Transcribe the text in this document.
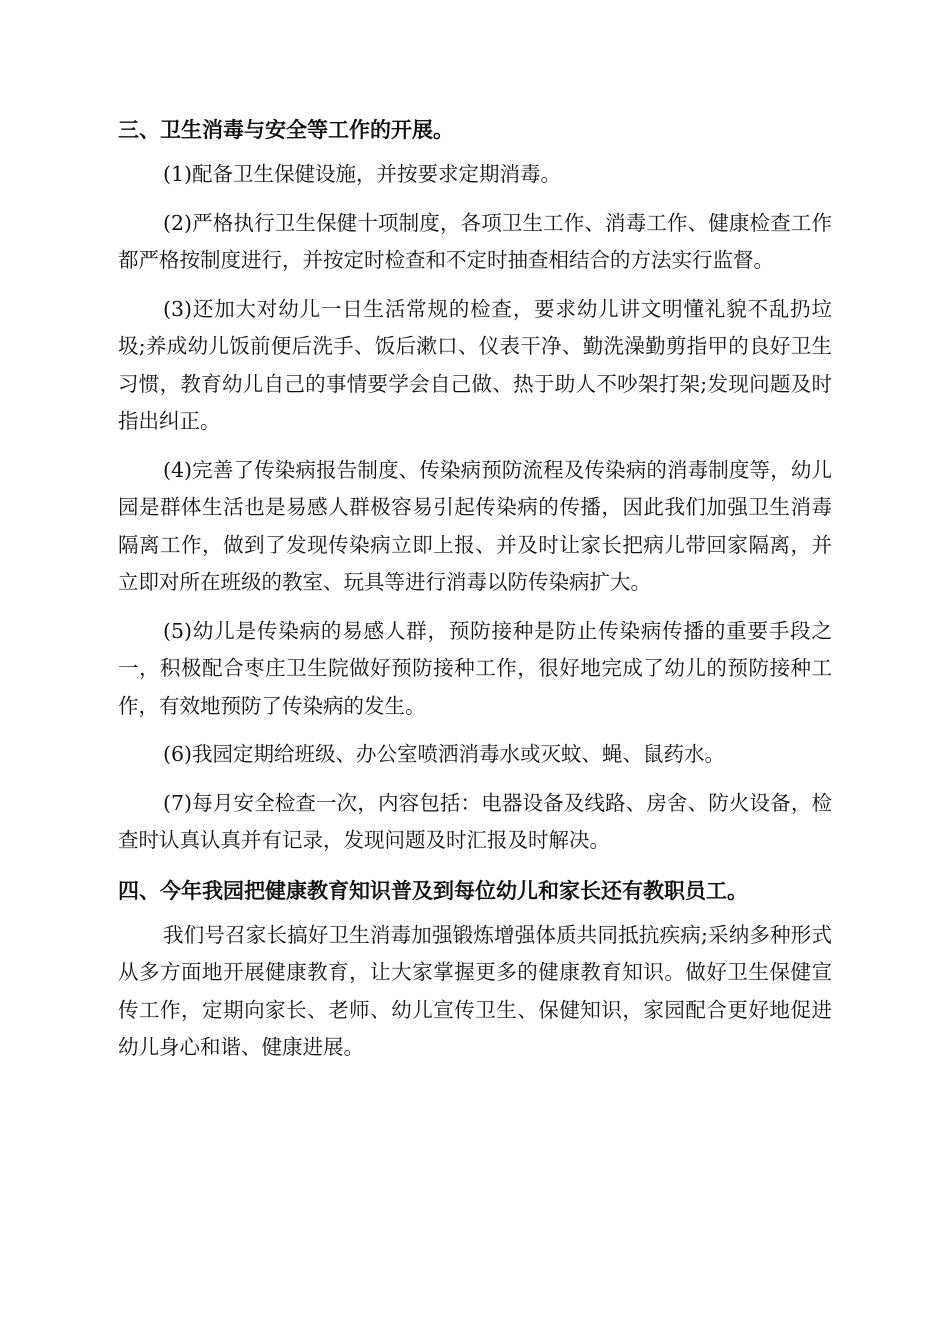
三、卫生消毒与安全等工作的开展。

(1)配备卫生保健设施，并按要求定期消毒。

(2)严格执行卫生保健十项制度，各项卫生工作、消毒工作、健康检查工作都严格按制度进行，并按定时检查和不定时抽查相结合的方法实行监督。

(3)还加大对幼儿一日生活常规的检查，要求幼儿讲文明懂礼貌不乱扔垃圾;养成幼儿饭前便后洗手、饭后漱口、仪表干净、勤洗澡勤剪指甲的良好卫生习惯，教育幼儿自己的事情要学会自己做、热于助人不吵架打架;发现问题及时指出纠正。

(4)完善了传染病报告制度、传染病预防流程及传染病的消毒制度等，幼儿园是群体生活也是易感人群极容易引起传染病的传播，因此我们加强卫生消毒隔离工作，做到了发现传染病立即上报、并及时让家长把病儿带回家隔离，并立即对所在班级的教室、玩具等进行消毒以防传染病扩大。

(5)幼儿是传染病的易感人群，预防接种是防止传染病传播的重要手段之一，积极配合枣庄卫生院做好预防接种工作，很好地完成了幼儿的预防接种工作，有效地预防了传染病的发生。

(6)我园定期给班级、办公室喷洒消毒水或灭蚊、蝇、鼠药水。

(7)每月安全检查一次，内容包括：电器设备及线路、房舍、防火设备，检查时认真认真并有记录，发现问题及时汇报及时解决。

四、今年我园把健康教育知识普及到每位幼儿和家长还有教职员工。

我们号召家长搞好卫生消毒加强锻炼增强体质共同抵抗疾病;采纳多种形式从多方面地开展健康教育，让大家掌握更多的健康教育知识。做好卫生保健宣传工作，定期向家长、老师、幼儿宣传卫生、保健知识，家园配合更好地促进幼儿身心和谐、健康进展。
